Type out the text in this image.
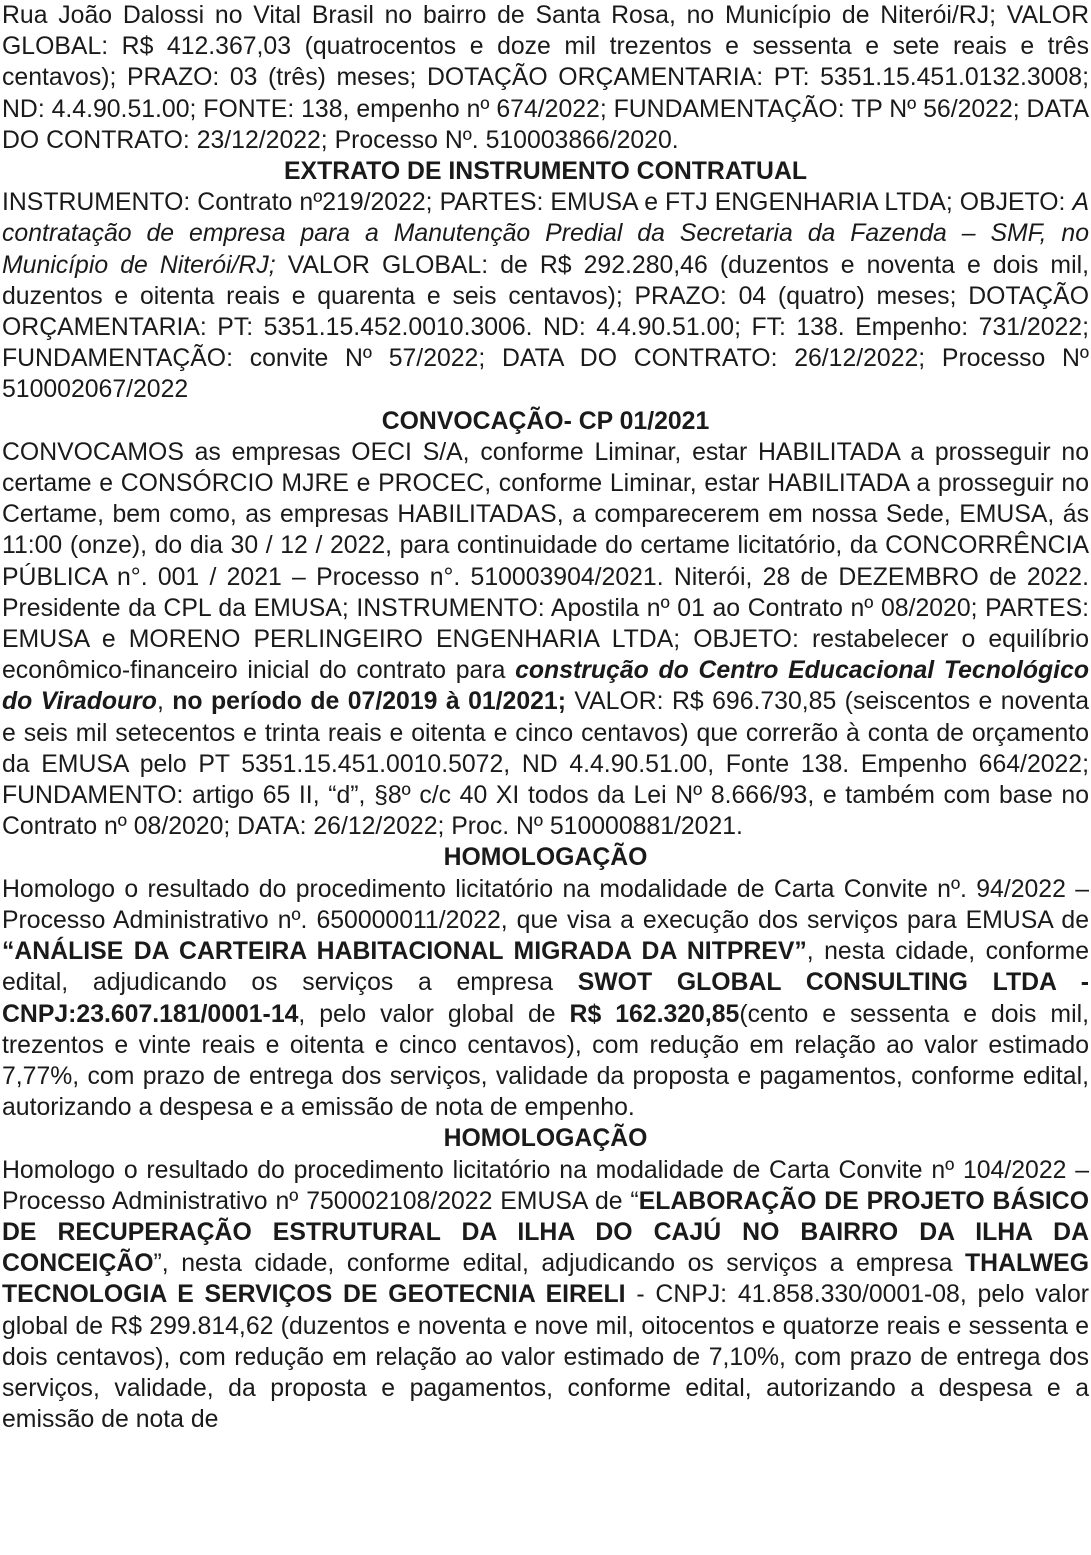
Rua João Dalossi no Vital Brasil no bairro de Santa Rosa, no Município de Niterói/RJ; VALOR GLOBAL: R$ 412.367,03 (quatrocentos e doze mil trezentos e sessenta e sete reais e três centavos); PRAZO: 03 (três) meses; DOTAÇÃO ORÇAMENTARIA: PT: 5351.15.451.0132.3008; ND: 4.4.90.51.00; FONTE: 138, empenho nº 674/2022; FUNDAMENTAÇÃO: TP Nº 56/2022; DATA DO CONTRATO: 23/12/2022; Processo Nº. 510003866/2020.

EXTRATO DE INSTRUMENTO CONTRATUAL

INSTRUMENTO: Contrato nº219/2022; PARTES: EMUSA e FTJ ENGENHARIA LTDA; OBJETO: A contratação de empresa para a Manutenção Predial da Secretaria da Fazenda – SMF, no Município de Niterói/RJ; VALOR GLOBAL: de R$ 292.280,46 (duzentos e noventa e dois mil, duzentos e oitenta reais e quarenta e seis centavos); PRAZO: 04 (quatro) meses; DOTAÇÃO ORÇAMENTARIA: PT: 5351.15.452.0010.3006. ND: 4.4.90.51.00; FT: 138. Empenho: 731/2022; FUNDAMENTAÇÃO: convite Nº 57/2022; DATA DO CONTRATO: 26/12/2022; Processo Nº 510002067/2022

CONVOCAÇÃO- CP 01/2021

CONVOCAMOS as empresas OECI S/A, conforme Liminar, estar HABILITADA a prosseguir no certame e CONSÓRCIO MJRE e PROCEC, conforme Liminar, estar HABILITADA a prosseguir no Certame, bem como, as empresas HABILITADAS, a comparecerem em nossa Sede, EMUSA, ás 11:00 (onze), do dia 30 / 12 / 2022, para continuidade do certame licitatório, da CONCORRÊNCIA PÚBLICA n°. 001 / 2021 – Processo n°. 510003904/2021. Niterói, 28 de DEZEMBRO de 2022. Presidente da CPL da EMUSA; INSTRUMENTO: Apostila nº 01 ao Contrato nº 08/2020; PARTES: EMUSA e MORENO PERLINGEIRO ENGENHARIA LTDA; OBJETO: restabelecer o equilíbrio econômico-financeiro inicial do contrato para construção do Centro Educacional Tecnológico do Viradouro, no período de 07/2019 à 01/2021; VALOR: R$ 696.730,85 (seiscentos e noventa e seis mil setecentos e trinta reais e oitenta e cinco centavos) que correrão à conta de orçamento da EMUSA pelo PT 5351.15.451.0010.5072, ND 4.4.90.51.00, Fonte 138. Empenho 664/2022; FUNDAMENTO: artigo 65 II, “d”, §8º c/c 40 XI todos da Lei Nº 8.666/93, e também com base no Contrato nº 08/2020; DATA: 26/12/2022; Proc. Nº 510000881/2021.

HOMOLOGAÇÃO

Homologo o resultado do procedimento licitatório na modalidade de Carta Convite nº. 94/2022 – Processo Administrativo nº. 650000011/2022, que visa a execução dos serviços para EMUSA de “ANÁLISE DA CARTEIRA HABITACIONAL MIGRADA DA NITPREV”, nesta cidade, conforme edital, adjudicando os serviços a empresa SWOT GLOBAL CONSULTING LTDA - CNPJ:23.607.181/0001-14, pelo valor global de R$ 162.320,85(cento e sessenta e dois mil, trezentos e vinte reais e oitenta e cinco centavos), com redução em relação ao valor estimado 7,77%, com prazo de entrega dos serviços, validade da proposta e pagamentos, conforme edital, autorizando a despesa e a emissão de nota de empenho.

HOMOLOGAÇÃO

Homologo o resultado do procedimento licitatório na modalidade de Carta Convite nº 104/2022 – Processo Administrativo nº 750002108/2022 EMUSA de “ELABORAÇÃO DE PROJETO BÁSICO DE RECUPERAÇÃO ESTRUTURAL DA ILHA DO CAJÚ NO BAIRRO DA ILHA DA CONCEIÇÃO”, nesta cidade, conforme edital, adjudicando os serviços a empresa THALWEG TECNOLOGIA E SERVIÇOS DE GEOTECNIA EIRELI - CNPJ: 41.858.330/0001-08, pelo valor global de R$ 299.814,62 (duzentos e noventa e nove mil, oitocentos e quatorze reais e sessenta e dois centavos), com redução em relação ao valor estimado de 7,10%, com prazo de entrega dos serviços, validade, da proposta e pagamentos, conforme edital, autorizando a despesa e a emissão de nota de
